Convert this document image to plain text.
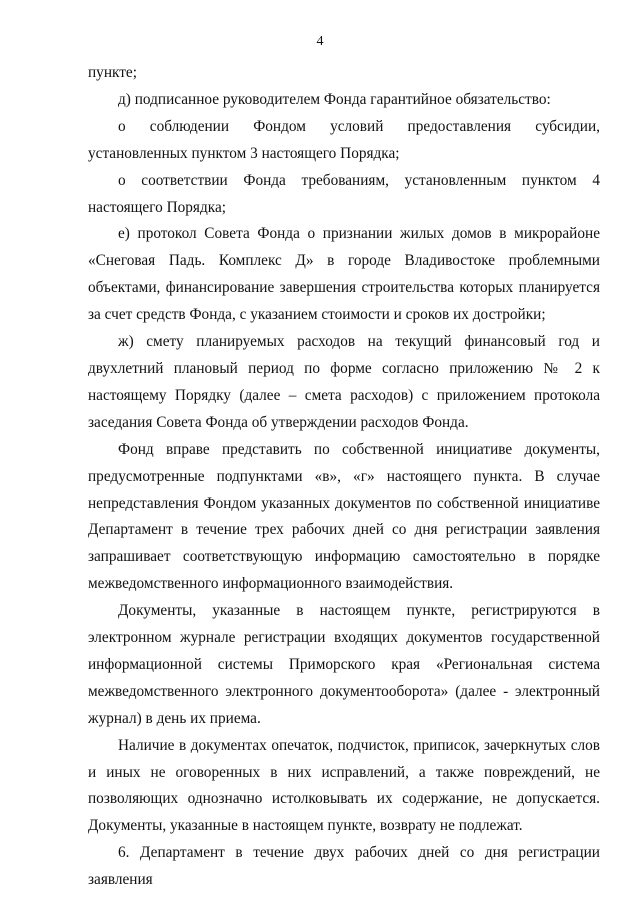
4

пункте;

д) подписанное руководителем Фонда гарантийное обязательство:

о соблюдении Фондом условий предоставления субсидии, установленных пунктом 3 настоящего Порядка;

о соответствии Фонда требованиям, установленным пунктом 4 настоящего Порядка;

е) протокол Совета Фонда о признании жилых домов в микрорайоне «Снеговая Падь. Комплекс Д» в городе Владивостоке проблемными объектами, финансирование завершения строительства которых планируется за счет средств Фонда, с указанием стоимости и сроков их достройки;

ж) смету планируемых расходов на текущий финансовый год и двухлетний плановый период по форме согласно приложению № 2 к настоящему Порядку (далее – смета расходов) с приложением протокола заседания Совета Фонда об утверждении расходов Фонда.

Фонд вправе представить по собственной инициативе документы, предусмотренные подпунктами «в», «г» настоящего пункта. В случае непредставления Фондом указанных документов по собственной инициативе Департамент в течение трех рабочих дней со дня регистрации заявления запрашивает соответствующую информацию самостоятельно в порядке межведомственного информационного взаимодействия.

Документы, указанные в настоящем пункте, регистрируются в электронном журнале регистрации входящих документов государственной информационной системы Приморского края «Региональная система межведомственного электронного документооборота» (далее - электронный журнал) в день их приема.

Наличие в документах опечаток, подчисток, приписок, зачеркнутых слов и иных не оговоренных в них исправлений, а также повреждений, не позволяющих однозначно истолковывать их содержание, не допускается. Документы, указанные в настоящем пункте, возврату не подлежат.

6. Департамент в течение двух рабочих дней со дня регистрации заявления
